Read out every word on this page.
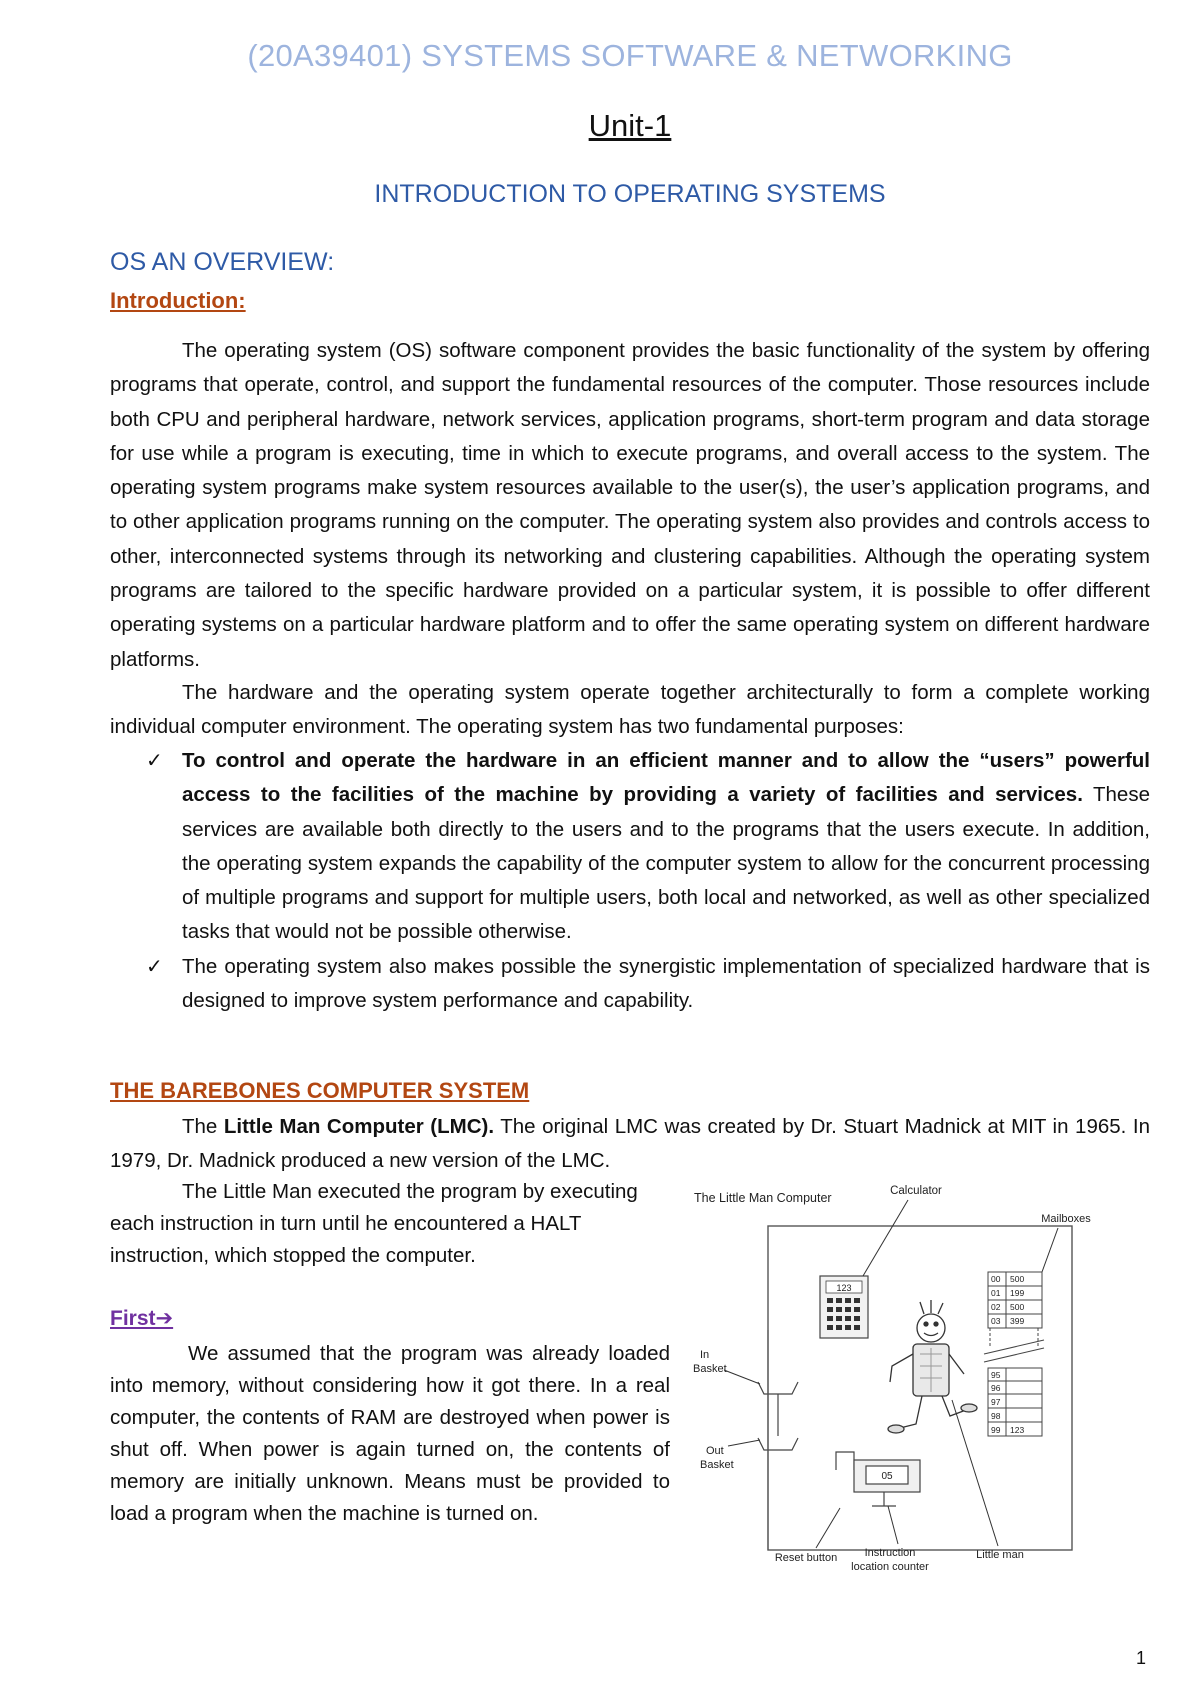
(20A39401) SYSTEMS SOFTWARE & NETWORKING
Unit-1
INTRODUCTION TO OPERATING SYSTEMS
OS AN OVERVIEW:
Introduction:

The operating system (OS) software component provides the basic functionality of the system by offering programs that operate, control, and support the fundamental resources of the computer. Those resources include both CPU and peripheral hardware, network services, application programs, short-term program and data storage for use while a program is executing, time in which to execute programs, and overall access to the system. The operating system programs make system resources available to the user(s), the user’s application programs, and to other application programs running on the computer. The operating system also provides and controls access to other, interconnected systems through its networking and clustering capabilities. Although the operating system programs are tailored to the specific hardware provided on a particular system, it is possible to offer different operating systems on a particular hardware platform and to offer the same operating system on different hardware platforms.

The hardware and the operating system operate together architecturally to form a complete working individual computer environment. The operating system has two fundamental purposes:

✓ To control and operate the hardware in an efficient manner and to allow the “users” powerful access to the facilities of the machine by providing a variety of facilities and services. These services are available both directly to the users and to the programs that the users execute. In addition, the operating system expands the capability of the computer system to allow for the concurrent processing of multiple programs and support for multiple users, both local and networked, as well as other specialized tasks that would not be possible otherwise.
✓ The operating system also makes possible the synergistic implementation of specialized hardware that is designed to improve system performance and capability.
THE BAREBONES COMPUTER SYSTEM

The Little Man Computer (LMC). The original LMC was created by Dr. Stuart Madnick at MIT in 1965. In 1979, Dr. Madnick produced a new version of the LMC.

The Little Man executed the program by executing each instruction in turn until he encountered a HALT instruction, which stopped the computer.

First➔

We assumed that the program was already loaded into memory, without considering how it got there. In a real computer, the contents of RAM are destroyed when power is shut off. When power is again turned on, the contents of memory are initially unknown. Means must be provided to load a program when the machine is turned on.

The Little Man Computer
123
Calculator
00 500
01 199
02 500
03 399
95
96
97
98
99 123
Mailboxes
In
Basket
Out
Basket
05
Reset button Instruction
location counter
Little man
1
